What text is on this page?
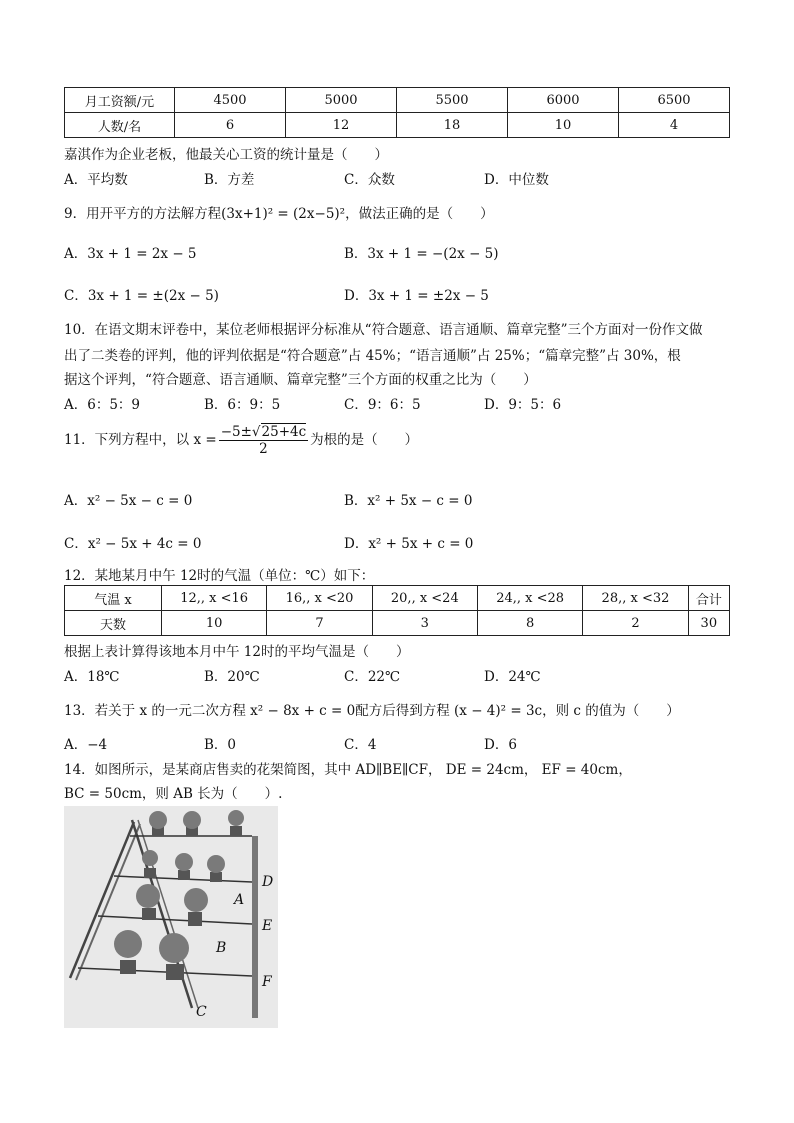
月工资额/元	4500	5000	5500	6000	6500
人数/名	6	12	18	10	4
嘉淇作为企业老板，他最关心工资的统计量是（　　）
A．平均数	B．方差	C．众数	D．中位数
9．用开平方的方法解方程(3x+1)² = (2x−5)²，做法正确的是（　　）
A．3x + 1 = 2x − 5	B．3x + 1 = −(2x − 5)
C．3x + 1 = ±(2x − 5)	D．3x + 1 = ±2x − 5
10．在语文期末评卷中，某位老师根据评分标准从“符合题意、语言通顺、篇章完整”三个方面对一份作文做
出了二类卷的评判，他的评判依据是“符合题意”占 45%；“语言通顺”占 25%；“篇章完整”占 30%，根
据这个评判，“符合题意、语言通顺、篇章完整”三个方面的权重之比为（　　）
A．6：5：9	B．6：9：5	C．9：6：5	D．9：5：6
11．下列方程中，以 $x = \frac{-5\pm√25+4c}{2}$ 为根的是（　　）
A．x² − 5x − c = 0	B．x² + 5x − c = 0
C．x² − 5x + 4c = 0	D．x² + 5x + c = 0
12．某地某月中午 12时的气温（单位：℃）如下：
气温 x	12,, x <16	16,, x <20	20,, x <24	24,, x <28	28,, x <32	合计
天数	10	7	3	8	2	30
根据上表计算得该地本月中午 12时的平均气温是（　　）
A．18℃	B．20℃	C．22℃	D．24℃
13．若关于 x 的一元二次方程 x² − 8x + c = 0配方后得到方程 (x − 4)² = 3c，则 c 的值为（　　）
A．−4	B．0	C．4	D．6
14．如图所示，是某商店售卖的花架简图，其中 AD∥BE∥CF， DE = 24cm， EF = 40cm，
BC = 50cm，则 AB 长为（　　）.
D
A
E
B
F
C
